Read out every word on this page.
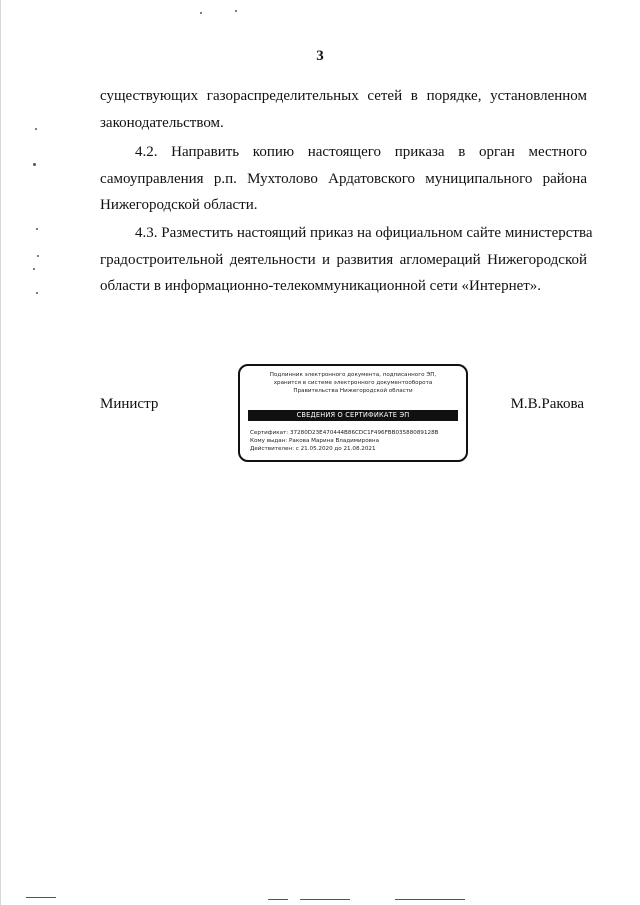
3
существующих газораспределительных сетей в порядке, установленном
законодательством.
4.2. Направить копию настоящего приказа в орган местного
самоуправления р.п. Мухтолово Ардатовского муниципального района
Нижегородской области.
4.3. Разместить настоящий приказ на официальном сайте министерства
градостроительной деятельности и развития агломераций Нижегородской
области в информационно-телекоммуникационной сети «Интернет».
Министр	М.В.Ракова
Подлинник электронного документа, подписанного ЭП,
хранится в системе электронного документооборота
Правительства Нижегородской области
СВЕДЕНИЯ О СЕРТИФИКАТЕ ЭП
Сертификат: 37280D23E470444B86CDC1F496FBB03588089128B
Кому выдан: Ракова Марина Владимировна
Действителен: с 21.05.2020 до 21.08.2021
